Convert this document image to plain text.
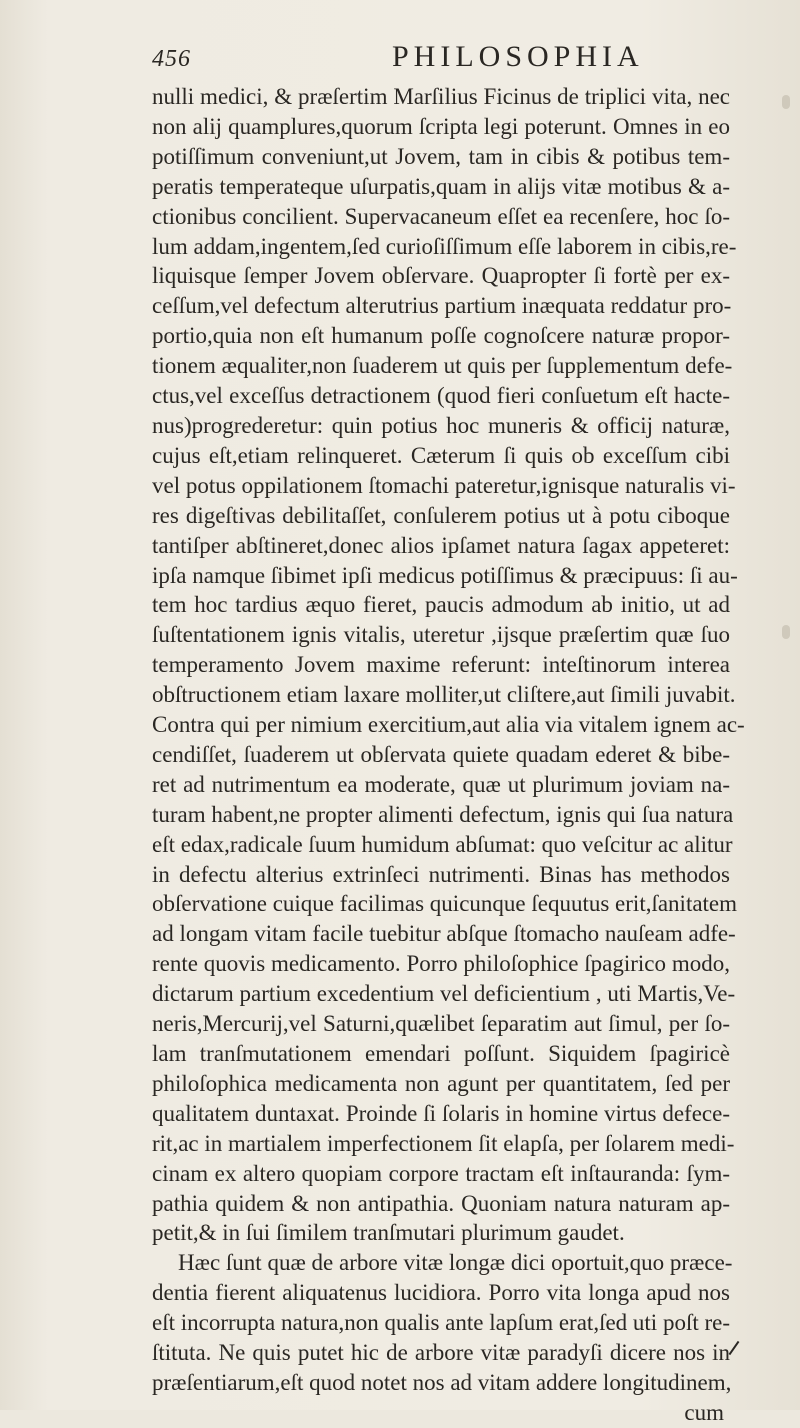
456	PHILOSOPHIA
nulli medici, & præſertim Marſilius Ficinus de triplici vita, nec
non alij quamplures,quorum ſcripta legi poterunt. Omnes in eo
potiſſimum conveniunt,ut Jovem, tam in cibis & potibus tem-
peratis temperateque uſurpatis,quam in alijs vitæ motibus & a-
ctionibus concilient. Supervacaneum eſſet ea recenſere, hoc ſo-
lum addam,ingentem,ſed curioſiſſimum eſſe laborem in cibis,re-
liquisque ſemper Jovem obſervare. Quapropter ſi fortè per ex-
ceſſum,vel defectum alterutrius partium inæquata reddatur pro-
portio,quia non eſt humanum poſſe cognoſcere naturæ propor-
tionem æqualiter,non ſuaderem ut quis per ſupplementum defe-
ctus,vel exceſſus detractionem (quod fieri conſuetum eſt hacte-
nus)progrederetur: quin potius hoc muneris & officij naturæ,
cujus eſt,etiam relinqueret. Cæterum ſi quis ob exceſſum cibi
vel potus oppilationem ſtomachi pateretur,ignisque naturalis vi-
res digeſtivas debilitaſſet, conſulerem potius ut à potu ciboque
tantiſper abſtineret,donec alios ipſamet natura ſagax appeteret:
ipſa namque ſibimet ipſi medicus potiſſimus & præcipuus: ſi au-
tem hoc tardius æquo fieret, paucis admodum ab initio, ut ad
ſuſtentationem ignis vitalis, uteretur ,ijsque præſertim quæ ſuo
temperamento Jovem maxime referunt: inteſtinorum interea
obſtructionem etiam laxare molliter,ut cliſtere,aut ſimili juvabit.
Contra qui per nimium exercitium,aut alia via vitalem ignem ac-
cendiſſet, ſuaderem ut obſervata quiete quadam ederet & bibe-
ret ad nutrimentum ea moderate, quæ ut plurimum joviam na-
turam habent,ne propter alimenti defectum, ignis qui ſua natura
eſt edax,radicale ſuum humidum abſumat: quo veſcitur ac alitur
in defectu alterius extrinſeci nutrimenti. Binas has methodos
obſervatione cuique facilimas quicunque ſequutus erit,ſanitatem
ad longam vitam facile tuebitur abſque ſtomacho nauſeam adfe-
rente quovis medicamento. Porro philoſophice ſpagirico modo,
dictarum partium excedentium vel deficientium , uti Martis,Ve-
neris,Mercurij,vel Saturni,quælibet ſeparatim aut ſimul, per ſo-
lam tranſmutationem emendari poſſunt. Siquidem ſpagiricè
philoſophica medicamenta non agunt per quantitatem, ſed per
qualitatem duntaxat. Proinde ſi ſolaris in homine virtus defece-
rit,ac in martialem imperfectionem ſit elapſa, per ſolarem medi-
cinam ex altero quopiam corpore tractam eſt inſtauranda: ſym-
pathia quidem & non antipathia. Quoniam natura naturam ap-
petit,& in ſui ſimilem tranſmutari plurimum gaudet.
Hæc ſunt quæ de arbore vitæ longæ dici oportuit,quo præce-
dentia fierent aliquatenus lucidiora. Porro vita longa apud nos
eſt incorrupta natura,non qualis ante lapſum erat,ſed uti poſt re-
ſtituta. Ne quis putet hic de arbore vitæ paradyſi dicere nos in
præſentiarum,eſt quod notet nos ad vitam addere longitudinem,
cum
